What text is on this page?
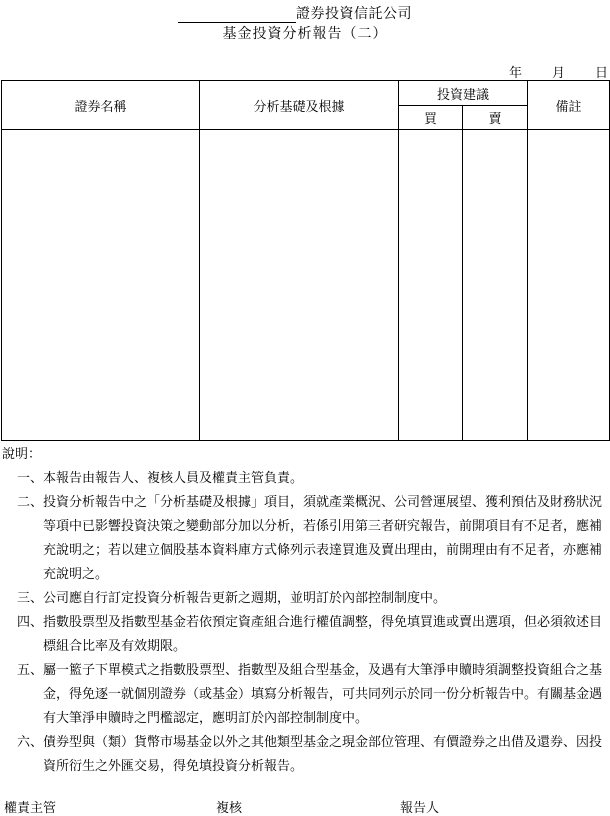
證券投資信託公司
基金投資分析報告（二）
年 月 日
證券名稱	分析基礎及根據	投資建議		備註
		買	賣	

說明：
一、 本報告由報告人、複核人員及權責主管負責。
二、 投資分析報告中之「分析基礎及根據」項目，須就產業概況、公司營運展望、獲利預估及財務狀況等項中已影響投資決策之變動部分加以分析，若係引用第三者研究報告，前開項目有不足者，應補充說明之；若以建立個股基本資料庫方式條列示表達買進及賣出理由，前開理由有不足者，亦應補充說明之。
三、 公司應自行訂定投資分析報告更新之週期，並明訂於內部控制制度中。
四、 指數股票型及指數型基金若依預定資產組合進行權值調整，得免填買進或賣出選項，但必須敘述目標組合比率及有效期限。
五、 屬一籃子下單模式之指數股票型、指數型及組合型基金，及遇有大筆淨申贖時須調整投資組合之基金，得免逐一就個別證券（或基金）填寫分析報告，可共同列示於同一份分析報告中。有關基金遇有大筆淨申贖時之門檻認定，應明訂於內部控制制度中。
六、 債券型與（類）貨幣市場基金以外之其他類型基金之現金部位管理、有價證券之出借及還券、因投資所衍生之外匯交易，得免填投資分析報告。
權責主管	複核	報告人
